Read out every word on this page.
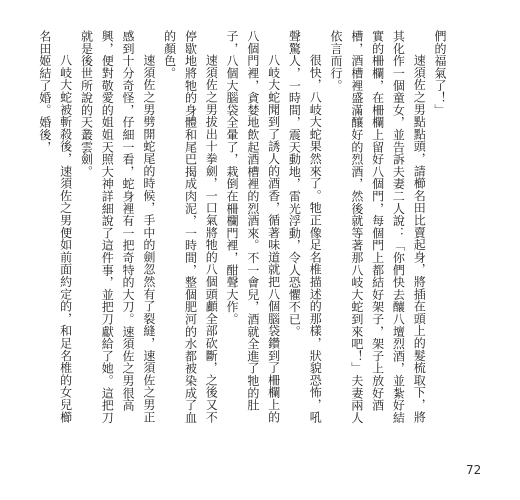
們的福氣了！」

速須佐之男點點頭，請櫛名田比賣起身，將插在頭上的髮梳取下，將其化作一個童女，並告訴夫妻二人說：「你們快去釀八壇烈酒，並紮好結實的柵欄，在柵欄上留好八個門，每個門上都結好架子，架子上放好酒槽，酒槽裡盛滿釀好的烈酒，然後就等著那八岐大蛇到來吧！」夫妻兩人依言而行。

很快，八岐大蛇果然來了。牠正像足名椎描述的那樣，狀貌恐怖，吼聲驚人，一時間，震天動地，雷光浮動，令人恐懼不已。

八岐大蛇聞到了誘人的酒香，循著味道就把八個腦袋鑽到了柵欄上的八個門裡，貪婪地飲起酒槽裡的烈酒來。不一會兒，酒就全進了牠的肚子，八個大腦袋全暈了，栽倒在柵欄門裡，酣聲大作。

速須佐之男拔出十拳劍，一口氣將牠的八個頭顱全部砍斷，之後又不停歇地將牠的身體和尾巴揭成肉泥，一時間，整個肥河的水都被染成了血的顏色。

速須佐之男劈開蛇尾的時候，手中的劍忽然有了裂縫，速須佐之男正感到十分奇怪，仔細一看，蛇身裡有一把奇特的大刀。速須佐之男很高興，便對敬愛的姐姐天照大神詳細說了這件事，並把刀獻給了她。這把刀就是後世所說的天叢雲劍。

八岐大蛇被斬殺後，速須佐之男便如前面約定的，和足名椎的女兒櫛名田姬結了婚。婚後，

72
